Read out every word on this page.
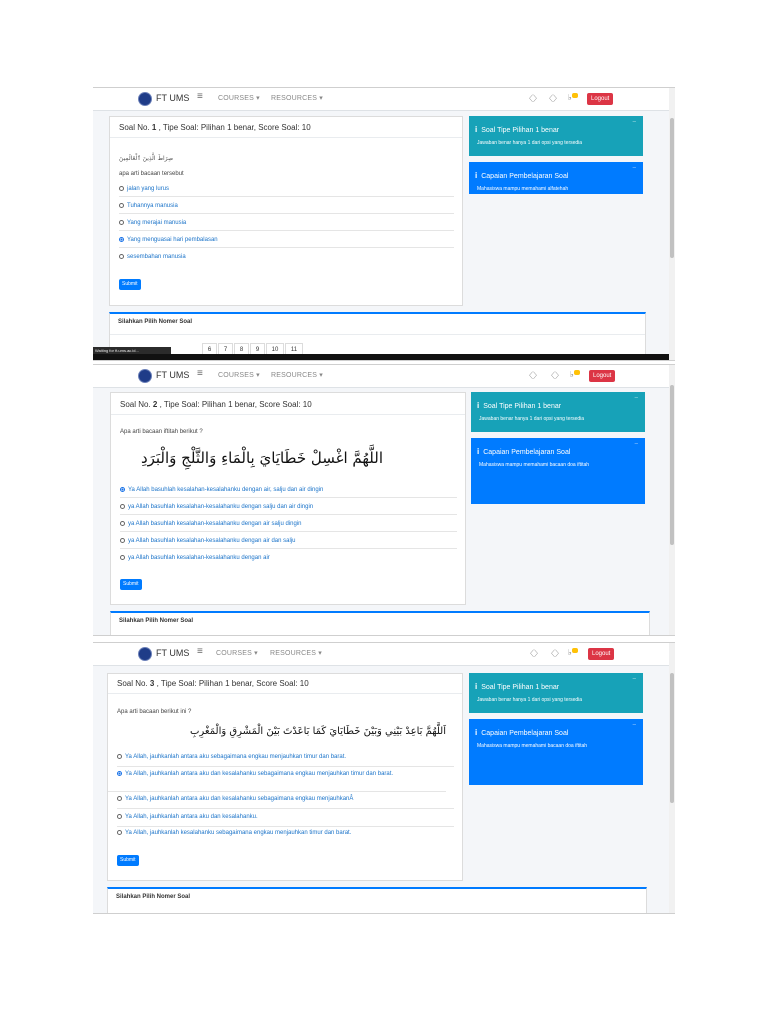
FT UMS ≡ COURSES ▾ RESOURCES ▾	〈〉 〈〉 ♭	Logout
Soal No. 1 , Tipe Soal: Pilihan 1 benar, Score Soal: 10
صِرَاطَ الَّذِينَ ٱلْعَالَمِينَ
apa arti bacaan tersebut
jalan yang lurus
Tuhannya manusia
Yang merajai manusia
Yang menguasai hari pembalasan
sesembahan manusia
Submit
i Soal Tipe Pilihan 1 benar
–
Jawaban benar hanya 1 dari opsi yang tersedia
i Capaian Pembelajaran Soal
–
Mahasiswa mampu memahami alfatehah
Silahkan Pilih Nomer Soal
6	7	8	9	10	11
Waiting for ft.ums.ac.id...
FT UMS ≡ COURSES ▾ RESOURCES ▾	〈〉 〈〉 ♭	Logout
Soal No. 2 , Tipe Soal: Pilihan 1 benar, Score Soal: 10
Apa arti bacaan iftitah berikut ?
اللَّهُمَّ اغْسِلْ خَطَايَايَ بِالْمَاءِ وَالثَّلْجِ وَالْبَرَدِ
Ya Allah basuhlah kesalahan-kesalahanku dengan air, salju dan air dingin
ya Allah basuhlah kesalahan-kesalahanku dengan salju dan air dingin
ya Allah basuhlah kesalahan-kesalahanku dengan air salju dingin
ya Allah basuhlah kesalahan-kesalahanku dengan air dan salju
ya Allah basuhlah kesalahan-kesalahanku dengan air
Submit
i Soal Tipe Pilihan 1 benar
–
Jawaban benar hanya 1 dari opsi yang tersedia
i Capaian Pembelajaran Soal
–
Mahasiswa mampu memahami bacaan doa iftitah
Silahkan Pilih Nomer Soal
FT UMS ≡ COURSES ▾ RESOURCES ▾	〈〉 〈〉 ♭	Logout
Soal No. 3 , Tipe Soal: Pilihan 1 benar, Score Soal: 10
Apa arti bacaan berikut ini ?
اَللَّهُمَّ بَاعِدْ بَيْنِي وَبَيْنَ خَطَايَايَ كَمَا بَاعَدْتَ بَيْنَ الْمَشْرِقِ وَالْمَغْرِبِ
Ya Allah, jauhkanlah antara aku sebagaimana engkau menjauhkan timur dan barat.
Ya Allah, jauhkanlah antara aku dan kesalahanku sebagaimana engkau menjauhkan timur dan barat.
Ya Allah, jauhkanlah antara aku dan kesalahanku sebagaimana engkau menjauhkanÂ
Ya Allah, jauhkanlah antara aku dan kesalahanku.
Ya Allah, jauhkanlah kesalahanku sebagaimana engkau menjauhkan timur dan barat.
Submit
i Soal Tipe Pilihan 1 benar
–
Jawaban benar hanya 1 dari opsi yang tersedia
i Capaian Pembelajaran Soal
–
Mahasiswa mampu memahami bacaan doa iftitah
Silahkan Pilih Nomer Soal
